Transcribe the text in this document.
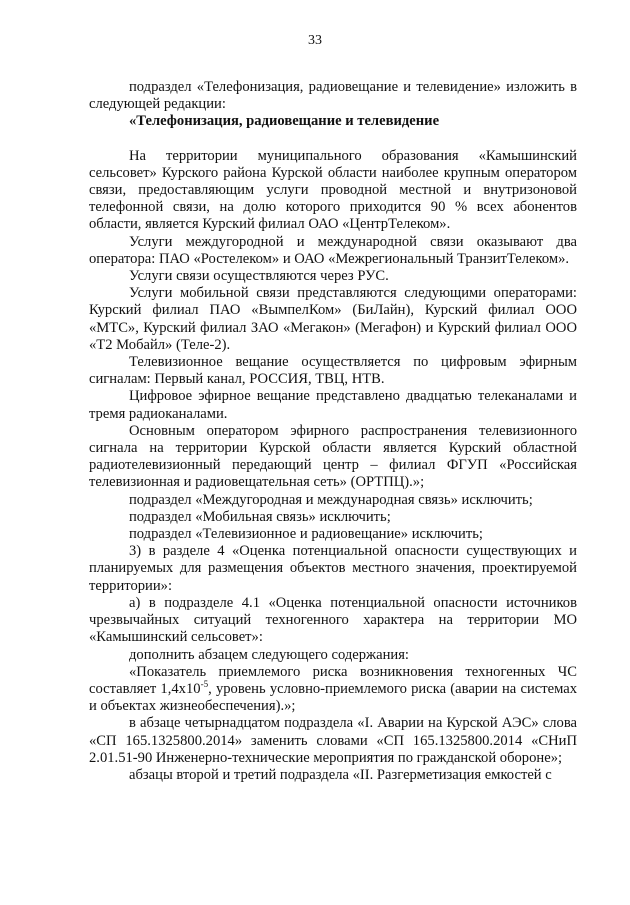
33

подраздел «Телефонизация, радиовещание и телевидение» изложить в следующей редакции:

«Телефонизация, радиовещание и телевидение

На территории муниципального образования «Камышинский сельсовет» Курского района Курской области наиболее крупным оператором связи, предоставляющим услуги проводной местной и внутризоновой телефонной связи, на долю которого приходится 90 % всех абонентов области, является Курский филиал ОАО «ЦентрТелеком».

Услуги междугородной и международной связи оказывают два оператора: ПАО «Ростелеком» и ОАО «Межрегиональный ТранзитТелеком».

Услуги связи осуществляются через РУС.

Услуги мобильной связи представляются следующими операторами: Курский филиал ПАО «ВымпелКом» (БиЛайн), Курский филиал ООО «МТС», Курский филиал ЗАО «Мегакон» (Мегафон) и Курский филиал ООО «Т2 Мобайл» (Теле-2).

Телевизионное вещание осуществляется по цифровым эфирным сигналам: Первый канал, РОССИЯ, ТВЦ, НТВ.

Цифровое эфирное вещание представлено двадцатью телеканалами и тремя радиоканалами.

Основным оператором эфирного распространения телевизионного сигнала на территории Курской области является Курский областной радиотелевизионный передающий центр – филиал ФГУП «Российская телевизионная и радиовещательная сеть» (ОРТПЦ).»;

подраздел «Междугородная и международная связь» исключить;

подраздел «Мобильная связь» исключить;

подраздел «Телевизионное и радиовещание» исключить;

3) в разделе 4 «Оценка потенциальной опасности существующих и планируемых для размещения объектов местного значения, проектируемой территории»:

а) в подразделе 4.1 «Оценка потенциальной опасности источников чрезвычайных ситуаций техногенного характера на территории МО «Камышинский сельсовет»:

дополнить абзацем следующего содержания:

«Показатель приемлемого риска возникновения техногенных ЧС составляет $1,4х10^{-5}$, уровень условно-приемлемого риска (аварии на системах и объектах жизнеобеспечения).»;

в абзаце четырнадцатом подраздела «I. Аварии на Курской АЭС» слова «СП 165.1325800.2014» заменить словами «СП 165.1325800.2014 «СНиП 2.01.51-90 Инженерно-технические мероприятия по гражданской обороне»;

абзацы второй и третий подраздела «II. Разгерметизация емкостей с
